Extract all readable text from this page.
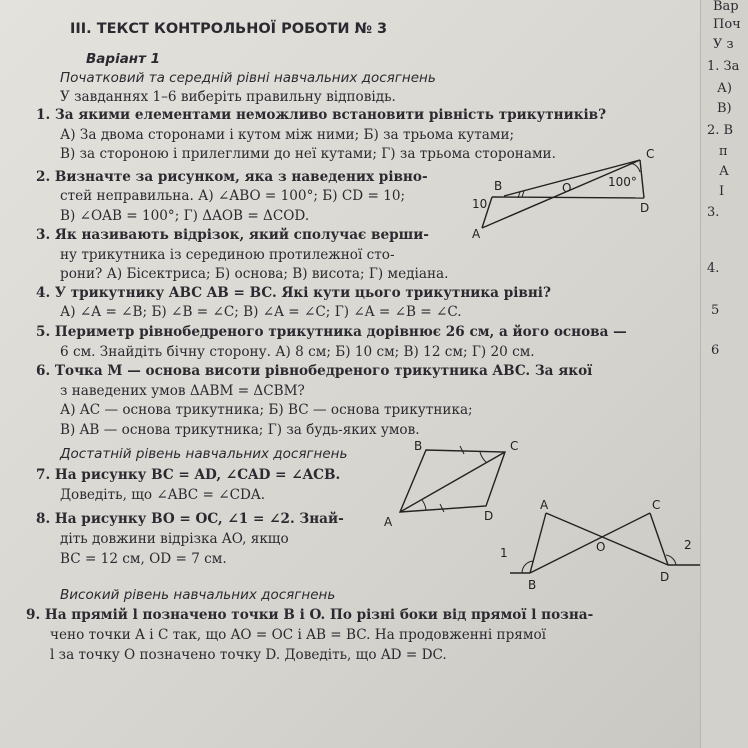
ІІІ. ТЕКСТ КОНТРОЛЬНОЇ РОБОТИ № 3
Варіант 1
Початковий та середній рівні навчальних досягнень
У завданнях 1–6 виберіть правильну відповідь.
1. За якими елементами неможливо встановити рівність трикутників?
А) За двома сторонами і кутом між ними; Б) за трьома кутами;
В) за стороною і прилеглими до неї кутами; Г) за трьома сторонами.
2. Визначте за рисунком, яка з наведених рівно-
стей неправильна. А) ∠ABO = 100°; Б) CD = 10;
В) ∠OAB = 100°; Г) ΔAOB = ΔCOD.
3. Як називають відрізок, який сполучає верши-
ну трикутника із серединою протилежної сто-
рони? А) Бісектриса; Б) основа; В) висота; Г) медіана.
4. У трикутнику ABC AB = BC. Які кути цього трикутника рівні?
А) ∠A = ∠B; Б) ∠B = ∠C; В) ∠A = ∠C; Г) ∠A = ∠B = ∠C.
5. Периметр рівнобедреного трикутника дорівнює 26 см, а його основа —
6 см. Знайдіть бічну сторону. А) 8 см; Б) 10 см; В) 12 см; Г) 20 см.
6. Точка M — основа висоти рівнобедреного трикутника ABC. За якої
з наведених умов ΔABM = ΔCBM?
А) AC — основа трикутника; Б) BC — основа трикутника;
В) AB — основа трикутника; Г) за будь-яких умов.
Достатній рівень навчальних досягнень
7. На рисунку BC = AD, ∠CAD = ∠ACB.
Доведіть, що ∠ABC = ∠CDA.
8. На рисунку BO = OC, ∠1 = ∠2. Знай-
діть довжини відрізка AO, якщо
BC = 12 см, OD = 7 см.
Високий рівень навчальних досягнень
9. На прямій l позначено точки B і O. По різні боки від прямої l позна-
чено точки A і C так, що AO = OC і AB = BC. На продовженні прямої
l за точку O позначено точку D. Доведіть, що AD = DC.
B	O
C
D
A
10
100°
B	C
A	D
A	C
O
B
D
1
2
Вар
Поч
У з
1. За
А)
В)
2. В
п
А
I
3.
4.
5
6
